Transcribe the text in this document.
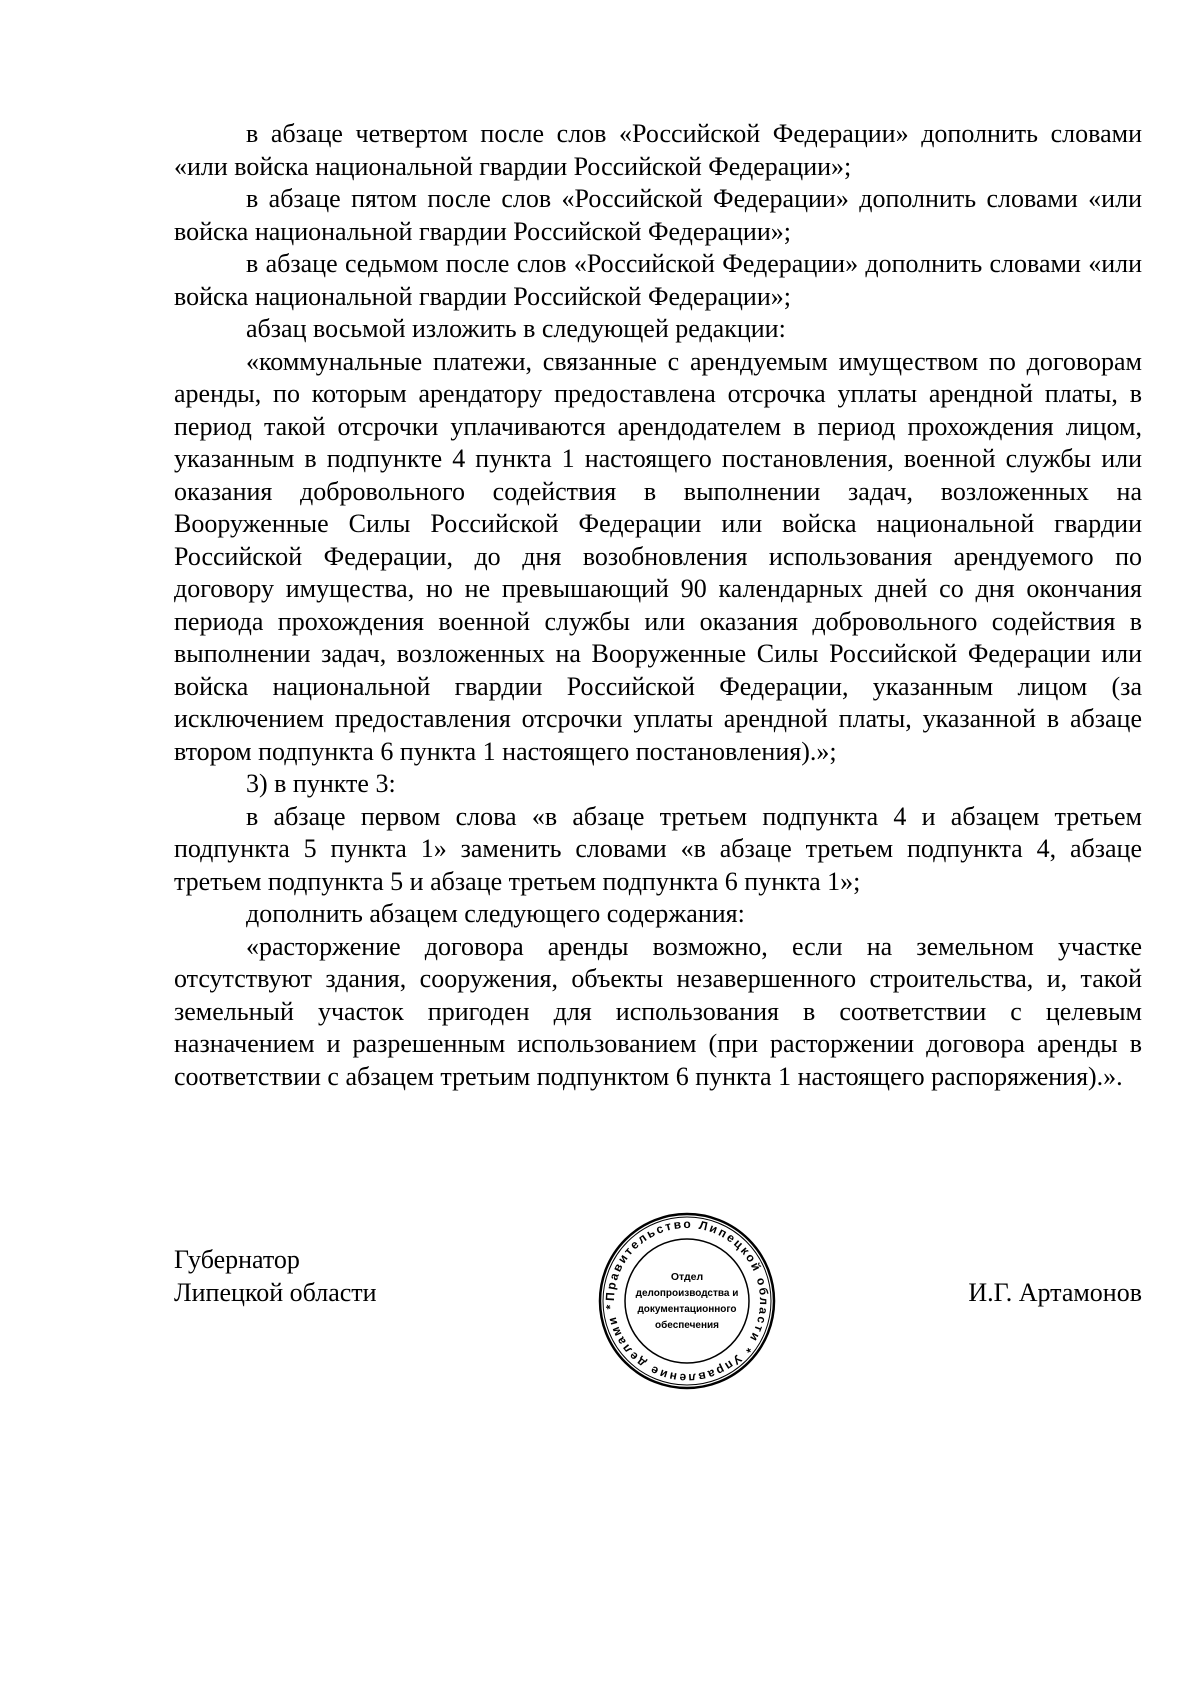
в абзаце четвертом после слов «Российской Федерации» дополнить словами «или войска национальной гвардии Российской Федерации»;

в абзаце пятом после слов «Российской Федерации» дополнить словами «или войска национальной гвардии Российской Федерации»;

в абзаце седьмом после слов «Российской Федерации» дополнить словами «или войска национальной гвардии Российской Федерации»;

абзац восьмой изложить в следующей редакции:

«коммунальные платежи, связанные с арендуемым имуществом по договорам аренды, по которым арендатору предоставлена отсрочка уплаты арендной платы, в период такой отсрочки уплачиваются арендодателем в период прохождения лицом, указанным в подпункте 4 пункта 1 настоящего постановления, военной службы или оказания добровольного содействия в выполнении задач, возложенных на Вооруженные Силы Российской Федерации или войска национальной гвардии Российской Федерации, до дня возобновления использования арендуемого по договору имущества, но не превышающий 90 календарных дней со дня окончания периода прохождения военной службы или оказания добровольного содействия в выполнении задач, возложенных на Вооруженные Силы Российской Федерации или войска национальной гвардии Российской Федерации, указанным лицом (за исключением предоставления отсрочки уплаты арендной платы, указанной в абзаце втором подпункта 6 пункта 1 настоящего постановления).»;

3) в пункте 3:

в абзаце первом слова «в абзаце третьем подпункта 4 и абзацем третьем подпункта 5 пункта 1» заменить словами «в абзаце третьем подпункта 4, абзаце третьем подпункта 5 и абзаце третьем подпункта 6 пункта 1»;

дополнить абзацем следующего содержания:

«расторжение договора аренды возможно, если на земельном участке отсутствуют здания, сооружения, объекты незавершенного строительства, и, такой земельный участок пригоден для использования в соответствии с целевым назначением и разрешенным использованием (при расторжении договора аренды в соответствии с абзацем третьим подпунктом 6 пункта 1 настоящего распоряжения).».

Губернатор
Липецкой области	И.Г. Артамонов
Правительство Липецкой области * Управление делами *
Отдел
делопроизводства и
документационного
обеспечения
